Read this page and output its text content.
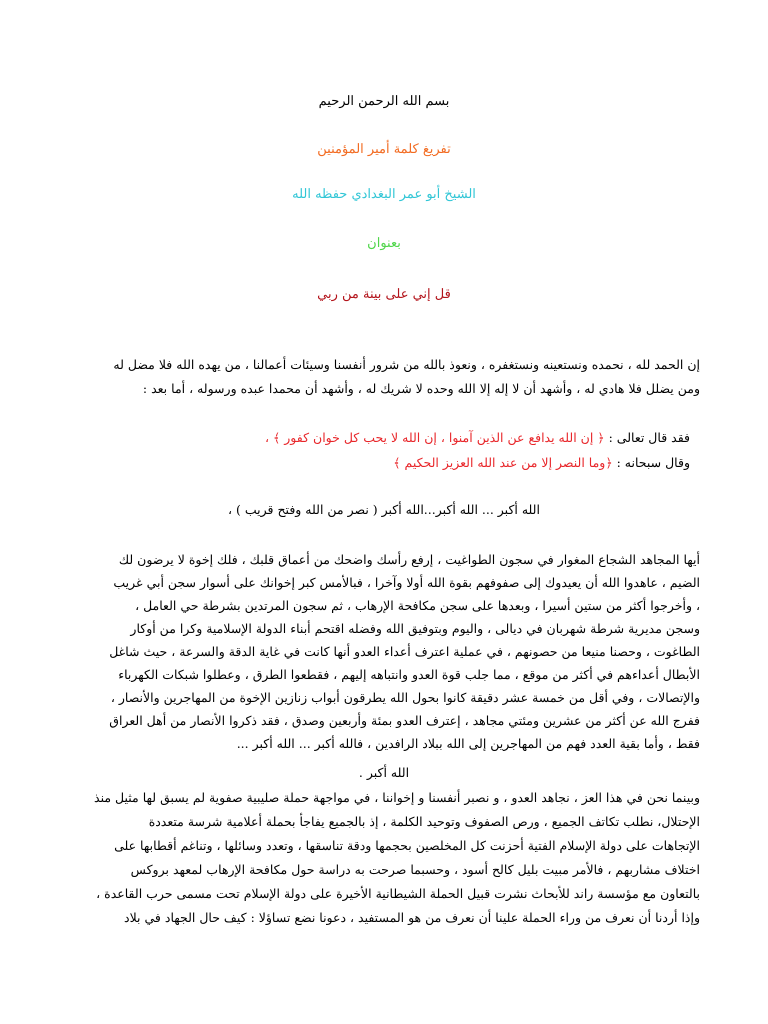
بسم الله الرحمن الرحيم
تفريغ كلمة أمير المؤمنين
الشيخ أبو عمر البغدادي حفظه الله
بعنوان
قل إني على بينة من ربي
إن الحمد لله ، نحمده ونستعينه ونستغفره ، ونعوذ بالله من شرور أنفسنا وسيئات أعمالنا ، من يهده الله فلا مضل له
ومن يضلل فلا هادي له ، وأشهد أن لا إله إلا الله وحده لا شريك له ، وأشهد أن محمدا عبده ورسوله ، أما بعد :
فقد قال تعالى : ﴿ إن الله يدافع عن الذين آمنوا ، إن الله لا يحب كل خوان كفور ﴾ ،
وقال سبحانه : ﴿وما النصر إلا من عند الله العزيز الحكيم ﴾
الله أكبر ... الله أكبر...الله أكبر ( نصر من الله وفتح قريب ) ،
أيها المجاهد الشجاع المغوار في سجون الطواغيت ، إرفع رأسك واضحك من أعماق قلبك ، فلك إخوة لا يرضون لك
الضيم ، عاهدوا الله أن يعيدوك إلى صفوفهم بقوة الله أولا وآخرا ، فبالأمس كبر إخوانك على أسوار سجن أبي غريب
، وأخرجوا أكثر من ستين أسيرا ، وبعدها على سجن مكافحة الإرهاب ، ثم سجون المرتدين بشرطة حي العامل ،
وسجن مديرية شرطة شهربان في ديالى ، واليوم وبتوفيق الله وفضله اقتحم أبناء الدولة الإسلامية وكرا من أوكار
الطاغوت ، وحصنا منيعا من حصونهم ، في عملية اعترف أعداء العدو أنها كانت في غاية الدقة والسرعة ، حيث شاغل
الأبطال أعداءهم في أكثر من موقع ، مما جلب قوة العدو وانتباهه إليهم ، فقطعوا الطرق ، وعطلوا شبكات الكهرباء
والإتصالات ، وفي أقل من خمسة عشر دقيقة كانوا بحول الله يطرقون أبواب زنازين الإخوة من المهاجرين والأنصار ،
ففرج الله عن أكثر من عشرين ومئتي مجاهد ، إعترف العدو بمئة وأربعين وصدق ، فقد ذكروا الأنصار من أهل العراق
فقط ، وأما بقية العدد فهم من المهاجرين إلى الله ببلاد الرافدين ، فالله أكبر ... الله أكبر ...
الله أكبر .
وبينما نحن في هذا العز ، نجاهد العدو ، و نصبر أنفسنا و إخواننا ، في مواجهة حملة صليبية صفوية لم يسبق لها مثيل منذ
الإحتلال، نطلب تكاتف الجميع ، ورص الصفوف وتوحيد الكلمة ، إذ بالجميع يفاجأ بحملة أعلامية شرسة متعددة
الإتجاهات على دولة الإسلام الفتية أحزنت كل المخلصين بحجمها ودقة تناسقها ، وتعدد وسائلها ، وتناغم أقطابها على
اختلاف مشاربهم ، فالأمر مبيت بليل كالح أسود ، وحسبما صرحت به دراسة حول مكافحة الإرهاب لمعهد بروكس
بالتعاون مع مؤسسة راند للأبحاث نشرت قبيل الحملة الشيطانية الأخيرة على دولة الإسلام تحت مسمى حرب القاعدة ،
وإذا أردنا أن نعرف من وراء الحملة علينا أن نعرف من هو المستفيد ، دعونا نضع تساؤلا : كيف حال الجهاد في بلاد
